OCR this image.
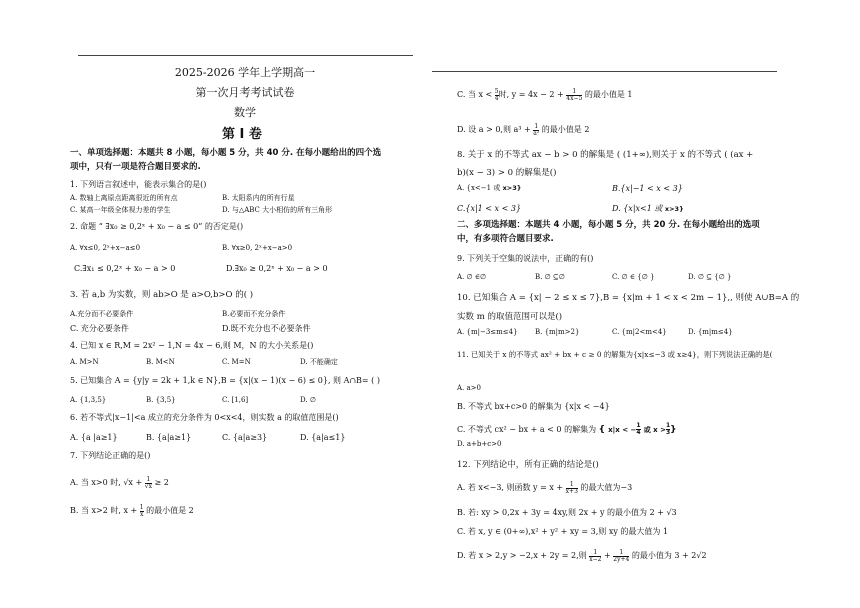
2025-2026 学年上学期高一
第一次月考考试试卷
数学
第 Ⅰ 卷
一、单项选择题：本题共 8 小题，每小题 5 分，共 40 分. 在每小题给出的四个选
项中，只有一项是符合题目要求的.
1. 下列语言叙述中，能表示集合的是()
A. 数轴上离原点距离很近的所有点	B. 太阳系内的所有行星
C. 某高一年级全体视力差的学生	D. 与△ABC 大小相仿的所有三角形
2. 命题 “ ∃x₀ ≥ 0,2ˣ + x₀ − a ≤ 0” 的否定是()
A. ∀x≤0, 2ˣ+x−a≤0	B. ∀x≥0, 2ˣ+x−a>0
C.∃x₁ ≤ 0,2ˣ + x₀ − a > 0	D.∃x₀ ≥ 0,2ˣ + x₀ − a > 0
3. 若 a,b 为实数，则 ab>O 是 a>O,b>O 的( )
A.充分而不必要条件	B.必要而不充分条件
C. 充分必要条件	D.既不充分也不必要条件
4. 已知 x ∈ R,M = 2x² − 1,N = 4x − 6,则 M，N 的大小关系是()
A. M>N	B. M<N	C. M=N	D. 不能确定
5. 已知集合 A = {y|y = 2k + 1,k ∈ N},B = {x|(x − 1)(x − 6) ≤ 0}, 则 A∩B= ( )
A. {1,3,5}	B. {3,5}	C. [1,6]	D. ∅
6. 若不等式|x−1|<a 成立的充分条件为 0<x<4，则实数 a 的取值范围是()
A. {a |a≥1}	B. {a|a≥1}	C. {a|a≥3}	D. {a|a≤1}
7. 下列结论正确的是()
A. 当 x>0 时, $√x + \frac{1}{√x} \ge 2$
B. 当 x>2 时, $x + \frac{1}{x}$ 的最小值是 2
C. 当 $x < \frac{5}{4}$ 时, $y = 4x - 2 + \frac{1}{4x-5}$ 的最小值是 1
D. 设 a > 0,则 $a^3 + \frac{1}{\text{a²}}$ 的最小值是 2
8. 关于 x 的不等式 ax − b > 0 的解集是 ( (1+∞),则关于 x 的不等式 ( (ax +
b)(x − 3) > 0 的解集是()
A. {x<−1 或 x>3}	B.{x|−1 < x < 3}
C.{x|1 < x < 3}	D. {x|x<1 或 x>3}
二、多项选择题：本题共 4 小题，每小题 5 分，共 20 分. 在每小题给出的选项
中，有多项符合题目要求.
9. 下列关于空集的说法中，正确的有()
A. ∅ ∈∅	B. ∅ ⊆∅	C. ∅ ∈ {∅ }	D. ∅ ⊆ {∅ }
10. 已知集合 A = {x| − 2 ≤ x ≤ 7},B = {x|m + 1 < x < 2m − 1},, 则使 A∪B=A 的
实数 m 的取值范围可以是()
A. {m|−3≤m≤4} B. {m|m>2}	C. {m|2<m<4}	D. {m|m≤4}
11. 已知关于 x 的不等式 ax² + bx + c ≥ 0 的解集为{x|x≤−3 或 x≥4}，则下列说法正确的是(
A. a>0
B. 不等式 bx+c>0 的解集为 {x|x < −4}
C. 不等式 cx² − bx + a < 0 的解集为 { x|x < − $\frac{1}{4}$ 或 $x > \frac{1}{3}$ }
D. a+b+c>0
12. 下列结论中，所有正确的结论是()
A. 若 x<−3, 则函数 $y = x + \frac{1}{x+3}$ 的最大值为−3
B. 若: xy > 0,2x + 3y = 4xy,则 2x + y 的最小值为 2 + √3
C. 若 x, y ∈ (0+∞),x² + y² + xy = 3,则 xy 的最大值为 1
D. 若 x > 2,y > −2,x + 2y = 2,则 $\frac{1}{x-2} + \frac{1}{2y+4}$ 的最小值为 3 + 2√2
